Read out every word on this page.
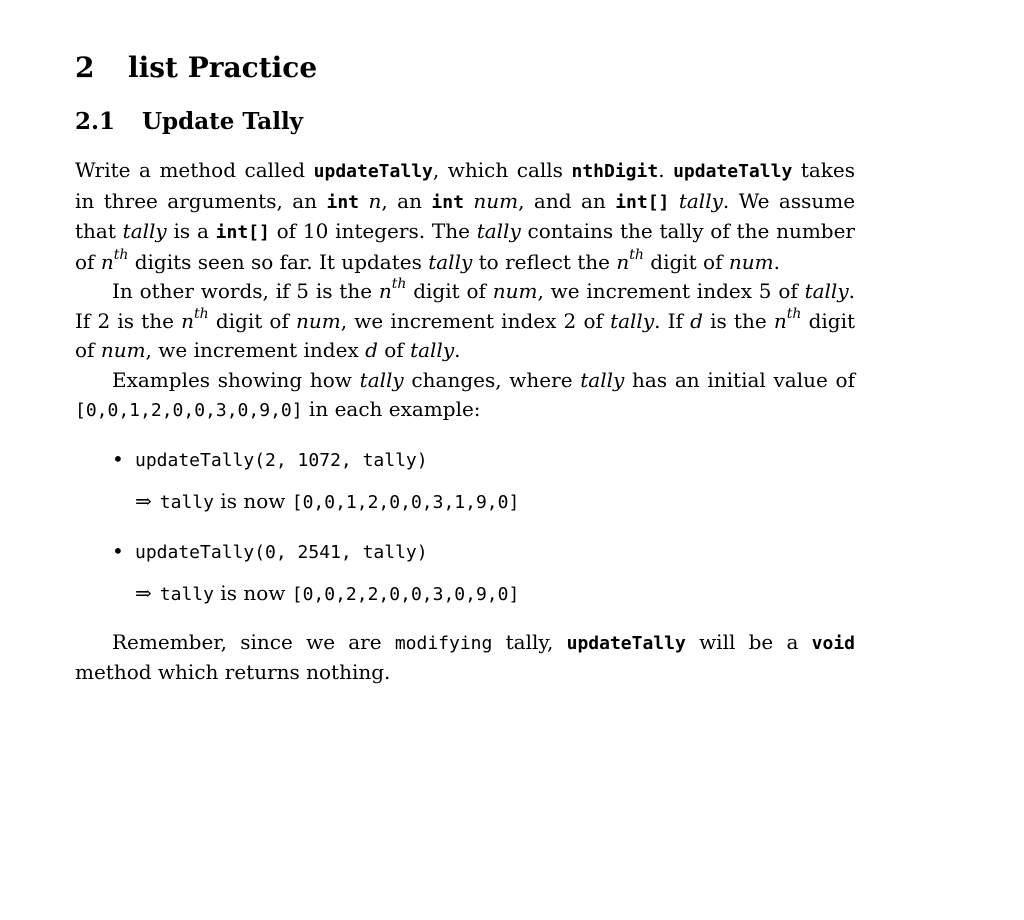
2 list Practice
2.1 Update Tally

Write a method called updateTally, which calls nthDigit. updateTally takes in three arguments, an int n, an int num, and an int[] tally. We assume that tally is a int[] of 10 integers. The tally contains the tally of the number of $n^{th}$ digits seen so far. It updates tally to reflect the $n^{th}$ digit of num.

In other words, if 5 is the $n^{th}$ digit of num, we increment index 5 of tally. If 2 is the $n^{th}$ digit of num, we increment index 2 of tally. If d is the $n^{th}$ digit of num, we increment index d of tally.

Examples showing how tally changes, where tally has an initial value of [0,0,1,2,0,0,3,0,9,0] in each example:

• updateTally(2, 1072, tally)
⇒ tally is now [0,0,1,2,0,0,3,1,9,0]
• updateTally(0, 2541, tally)
⇒ tally is now [0,0,2,2,0,0,3,0,9,0]

Remember, since we are modifying tally, updateTally will be a void method which returns nothing.
